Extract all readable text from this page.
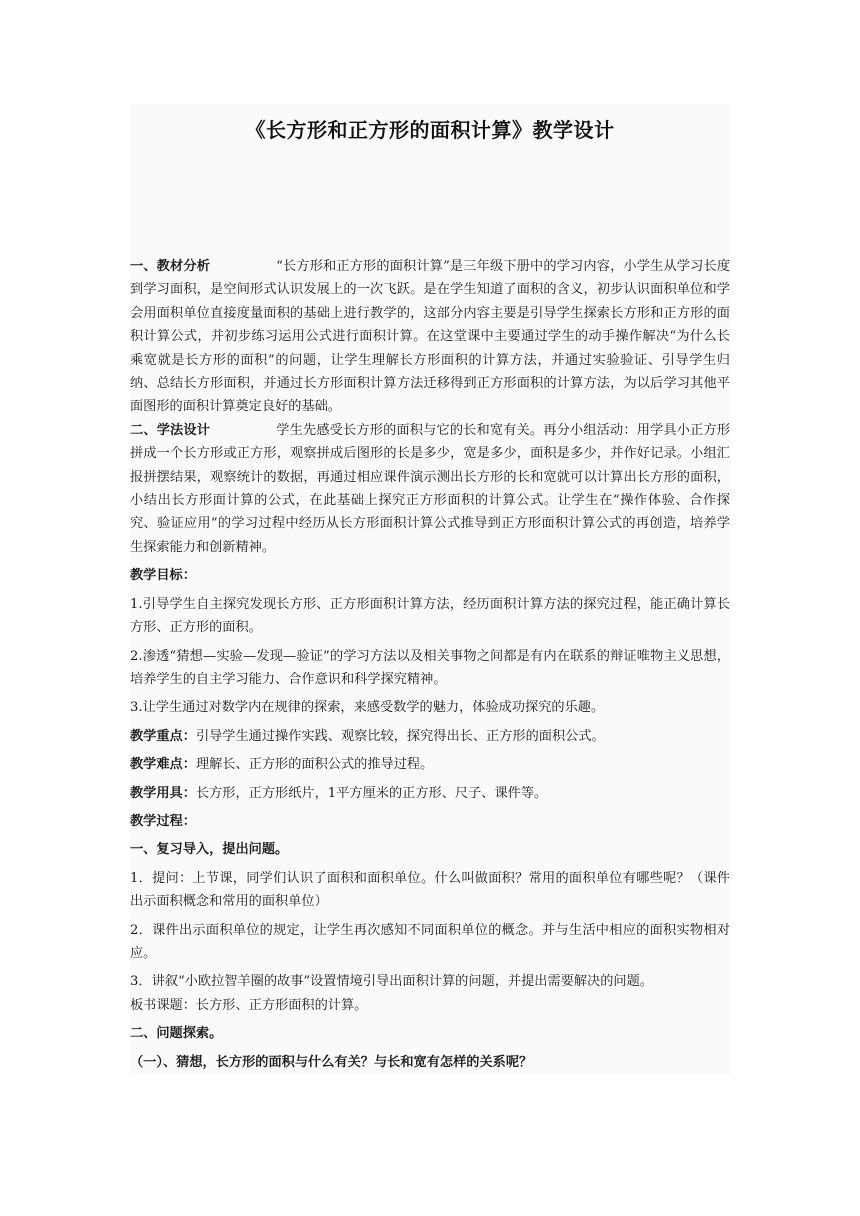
《长方形和正方形的面积计算》教学设计

一、教材分析	“长方形和正方形的面积计算”是三年级下册中的学习内容，小学生从学习长度到学习面积，是空间形式认识发展上的一次飞跃。是在学生知道了面积的含义，初步认识面积单位和学会用面积单位直接度量面积的基础上进行教学的，这部分内容主要是引导学生探索长方形和正方形的面积计算公式，并初步练习运用公式进行面积计算。在这堂课中主要通过学生的动手操作解决“为什么长乘宽就是长方形的面积”的问题，让学生理解长方形面积的计算方法，并通过实验验证、引导学生归纳、总结长方形面积，并通过长方形面积计算方法迁移得到正方形面积的计算方法，为以后学习其他平面图形的面积计算奠定良好的基础。

二、学法设计	学生先感受长方形的面积与它的长和宽有关。再分小组活动：用学具小正方形拼成一个长方形或正方形，观察拼成后图形的长是多少，宽是多少，面积是多少，并作好记录。小组汇报拼摆结果，观察统计的数据，再通过相应课件演示测出长方形的长和宽就可以计算出长方形的面积，小结出长方形面计算的公式，在此基础上探究正方形面积的计算公式。让学生在“操作体验、合作探究、验证应用”的学习过程中经历从长方形面积计算公式推导到正方形面积计算公式的再创造，培养学生探索能力和创新精神。

教学目标：

1.引导学生自主探究发现长方形、正方形面积计算方法，经历面积计算方法的探究过程，能正确计算长方形、正方形的面积。

2.渗透“猜想—实验—发现—验证”的学习方法以及相关事物之间都是有内在联系的辩证唯物主义思想，培养学生的自主学习能力、合作意识和科学探究精神。

3.让学生通过对数学内在规律的探索，来感受数学的魅力，体验成功探究的乐趣。

教学重点：引导学生通过操作实践、观察比较，探究得出长、正方形的面积公式。

教学难点：理解长、正方形的面积公式的推导过程。

教学用具：长方形，正方形纸片，1平方厘米的正方形、尺子、课件等。

教学过程：

一、复习导入，提出问题。

1．提问：上节课，同学们认识了面积和面积单位。什么叫做面积？常用的面积单位有哪些呢？（课件出示面积概念和常用的面积单位）

2．课件出示面积单位的规定，让学生再次感知不同面积单位的概念。并与生活中相应的面积实物相对应。

3．讲叙“小欧拉智羊圈的故事”设置情境引导出面积计算的问题，并提出需要解决的问题。

板书课题：长方形、正方形面积的计算。

二、问题探索。

（一）、猜想，长方形的面积与什么有关？与长和宽有怎样的关系呢？
